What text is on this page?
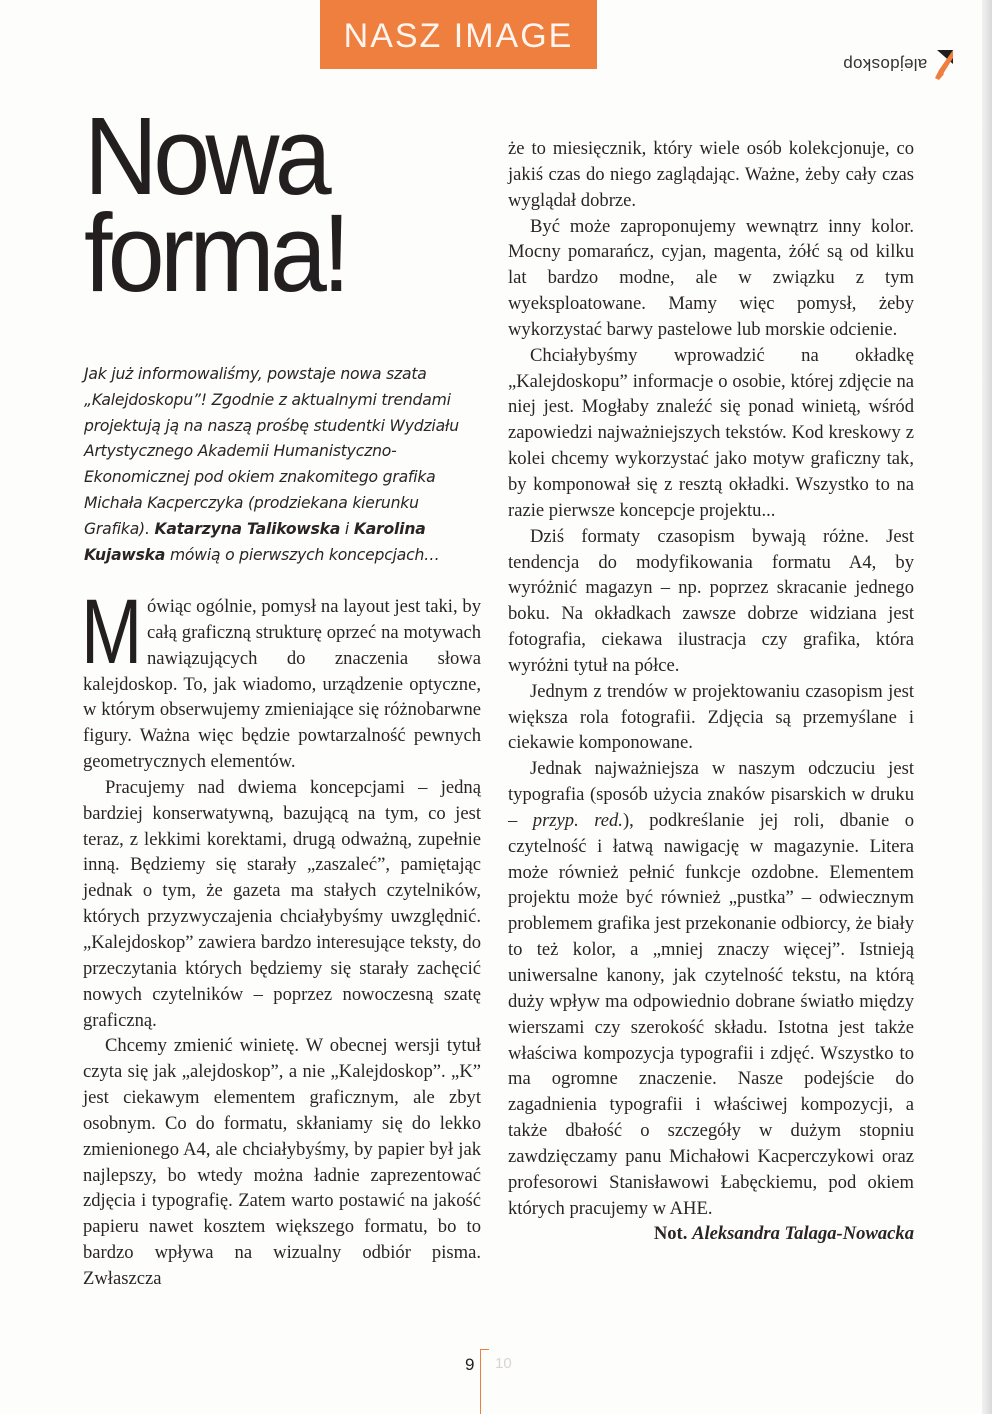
NASZ IMAGE
alejdoskop
Nowa
forma!
Jak już informowaliśmy, powstaje nowa szata „Kalejdoskopu”! Zgodnie z aktualnymi trendami projektują ją na naszą prośbę studentki Wydziału Artystycznego Akademii Humanistyczno-Ekonomicznej pod okiem znakomitego grafika Michała Kacperczyka (prodziekana kierunku Grafika). Katarzyna Talikowska i Karolina Kujawska mówią o pierwszych koncepcjach…

Mówiąc ogólnie, pomysł na layout jest taki, by całą graficzną strukturę oprzeć na motywach nawiązujących do znaczenia słowa kalejdoskop. To, jak wiadomo, urządzenie optyczne, w którym obserwujemy zmieniające się różnobarwne figury. Ważna więc będzie powtarzalność pewnych geometrycznych elementów.

Pracujemy nad dwiema koncepcjami – jedną bardziej konserwatywną, bazującą na tym, co jest teraz, z lekkimi korektami, drugą odważną, zupełnie inną. Będziemy się starały „zaszaleć”, pamiętając jednak o tym, że gazeta ma stałych czytelników, których przyzwyczajenia chciałybyśmy uwzględnić. „Kalejdoskop” zawiera bardzo interesujące teksty, do przeczytania których będziemy się starały zachęcić nowych czytelników – poprzez nowoczesną szatę graficzną.

Chcemy zmienić winietę. W obecnej wersji tytuł czyta się jak „alejdoskop”, a nie „Kalejdoskop”. „K” jest ciekawym elementem graficznym, ale zbyt osobnym. Co do formatu, skłaniamy się do lekko zmienionego A4, ale chciałybyśmy, by papier był jak najlepszy, bo wtedy można ładnie zaprezentować zdjęcia i typografię. Zatem warto postawić na jakość papieru nawet kosztem większego formatu, bo to bardzo wpływa na wizualny odbiór pisma. Zwłaszcza

że to miesięcznik, który wiele osób kolekcjonuje, co jakiś czas do niego zaglądając. Ważne, żeby cały czas wyglądał dobrze.

Być może zaproponujemy wewnątrz inny kolor. Mocny pomarańcz, cyjan, magenta, żółć są od kilku lat bardzo modne, ale w związku z tym wyeksploatowane. Mamy więc pomysł, żeby wykorzystać barwy pastelowe lub morskie odcienie.

Chciałybyśmy wprowadzić na okładkę „Kalejdoskopu” informacje o osobie, której zdjęcie na niej jest. Mogłaby znaleźć się ponad winietą, wśród zapowiedzi najważniejszych tekstów. Kod kreskowy z kolei chcemy wykorzystać jako motyw graficzny tak, by komponował się z resztą okładki. Wszystko to na razie pierwsze koncepcje projektu...

Dziś formaty czasopism bywają różne. Jest tendencja do modyfikowania formatu A4, by wyróżnić magazyn – np. poprzez skracanie jednego boku. Na okładkach zawsze dobrze widziana jest fotografia, ciekawa ilustracja czy grafika, która wyróżni tytuł na półce.

Jednym z trendów w projektowaniu czasopism jest większa rola fotografii. Zdjęcia są przemyślane i ciekawie komponowane.

Jednak najważniejsza w naszym odczuciu jest typografia (sposób użycia znaków pisarskich w druku – przyp. red.), podkreślanie jej roli, dbanie o czytelność i łatwą nawigację w magazynie. Litera może również pełnić funkcje ozdobne. Elementem projektu może być również „pustka” – odwiecznym problemem grafika jest przekonanie odbiorcy, że biały to też kolor, a „mniej znaczy więcej”. Istnieją uniwersalne kanony, jak czytelność tekstu, na którą duży wpływ ma odpowiednio dobrane światło między wierszami czy szerokość składu. Istotna jest także właściwa kompozycja typografii i zdjęć. Wszystko to ma ogromne znaczenie. Nasze podejście do zagadnienia typografii i właściwej kompozycji, a także dbałość o szczegóły w dużym stopniu zawdzięczamy panu Michałowi Kacperczykowi oraz profesorowi Stanisławowi Łabęckiemu, pod okiem których pracujemy w AHE.

Not. Aleksandra Talaga-Nowacka

9 10
